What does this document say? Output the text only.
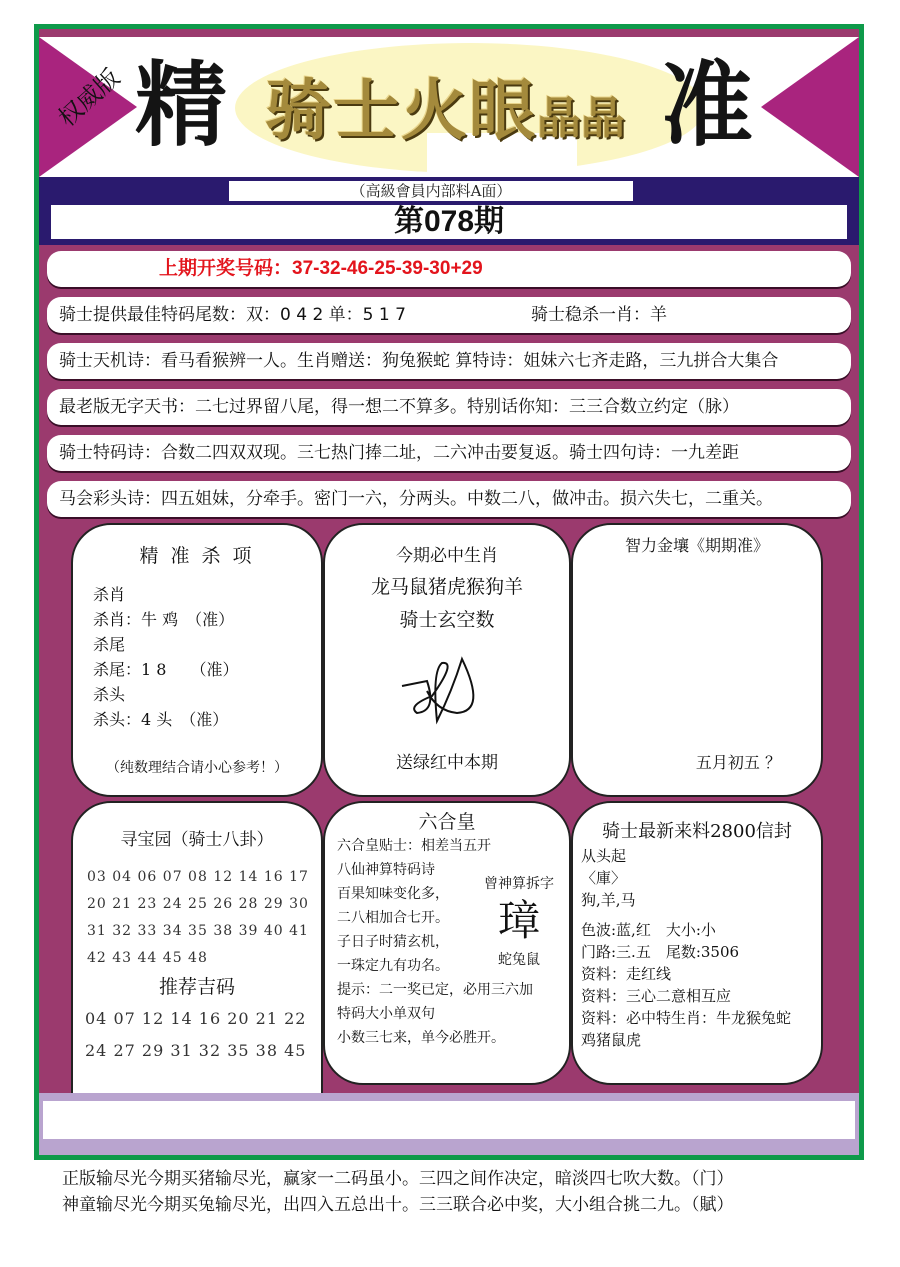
权威版 精 骑士火眼晶晶 准
（高級會員内部料A面）
第078期
上期开奖号码：37-32-46-25-39-30+29
骑士提供最佳特码尾数：双：0 4 2 单：5 1 7	骑士稳杀一肖：羊
骑士天机诗：看马看猴辨一人。生肖赠送：狗兔猴蛇 算特诗：姐妹六七齐走路，三九拼合大集合
最老版无字天书：二七过界留八尾，得一想二不算多。特别话你知：三三合数立约定（脉）
骑士特码诗：合数二四双双现。三七热门捧二址，二六冲击要复返。骑士四句诗：一九差距
马会彩头诗：四五姐妹，分牵手。密门一六，分两头。中数二八，做冲击。损六失七，二重关。
精 准 杀 项
杀肖
杀肖：牛 鸡　（准）
杀尾
杀尾：1 8　　（准）
杀头
杀头：4 头　（准）
（纯数理结合请小心参考！）
今期必中生肖
龙马鼠猪虎猴狗羊
骑士玄空数
送绿红中本期
智力金壤《期期准》
五月初五 ？
寻宝园（骑士八卦）
03 04 06 07 08 12 14 16 17
20 21 23 24 25 26 28 29 30
31 32 33 34 35 38 39 40 41
42 43 44 45 48
推荐吉码
04 07 12 14 16 20 21 22
24 27 29 31 32 35 38 45
六合皇
六合皇贴士：相差当五开
八仙神算特码诗
百果知味变化多，
二八相加合七开。
子日子时猜玄机，
一珠定九有功名。
提示：二一奖已定，必用三六加
特码大小单双句
小数三七来，单今必胜开。
曾神算拆字
璋
蛇兔鼠
骑士最新来料2800信封
从头起
〈庫〉
狗,羊,马
色波:蓝,红　大小:小
门路:三.五　尾数:3506
资料：走红线
资料：三心二意相互应
资料：必中特生肖：牛龙猴兔蛇
鸡猪鼠虎
正版输尽光今期买猪输尽光，赢家一二码虽小。三四之间作决定，暗淡四七吹大数。（门）
神童输尽光今期买兔输尽光，出四入五总出十。三三联合必中奖，大小组合挑二九。（賦）
